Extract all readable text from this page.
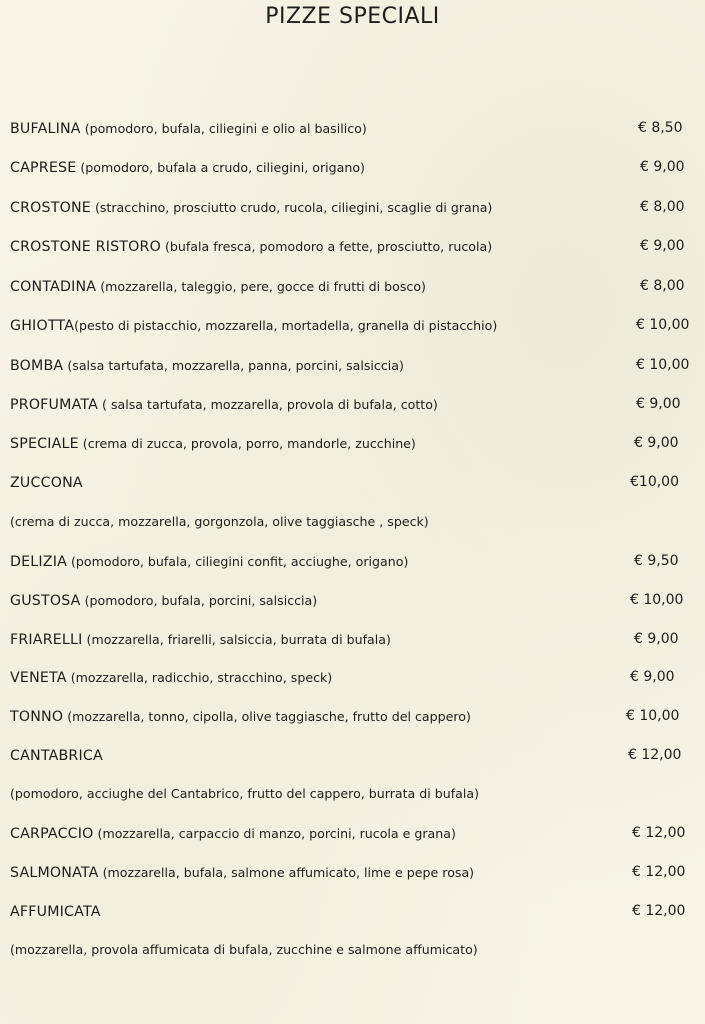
PIZZE SPECIALI
BUFALINA (pomodoro, bufala, ciliegini e olio al basilico)	€ 8,50
CAPRESE (pomodoro, bufala a crudo, ciliegini, origano)	€ 9,00
CROSTONE (stracchino, prosciutto crudo, rucola, ciliegini, scaglie di grana)	€ 8,00
CROSTONE RISTORO (bufala fresca, pomodoro a fette, prosciutto, rucola)	€ 9,00
CONTADINA (mozzarella, taleggio, pere, gocce di frutti di bosco)	€ 8,00
GHIOTTA(pesto di pistacchio, mozzarella, mortadella, granella di pistacchio)	€ 10,00
BOMBA (salsa tartufata, mozzarella, panna, porcini, salsiccia)	€ 10,00
PROFUMATA ( salsa tartufata, mozzarella, provola di bufala, cotto)	€ 9,00
SPECIALE (crema di zucca, provola, porro, mandorle, zucchine)	€ 9,00
ZUCCONA	€10,00
(crema di zucca, mozzarella, gorgonzola, olive taggiasche , speck)
DELIZIA (pomodoro, bufala, ciliegini confit, acciughe, origano)	€ 9,50
GUSTOSA (pomodoro, bufala, porcini, salsiccia)	€ 10,00
FRIARELLI (mozzarella, friarelli, salsiccia, burrata di bufala)	€ 9,00
VENETA (mozzarella, radicchio, stracchino, speck)	€ 9,00
TONNO (mozzarella, tonno, cipolla, olive taggiasche, frutto del cappero)	€ 10,00
CANTABRICA	€ 12,00
(pomodoro, acciughe del Cantabrico, frutto del cappero, burrata di bufala)
CARPACCIO (mozzarella, carpaccio di manzo, porcini, rucola e grana)	€ 12,00
SALMONATA (mozzarella, bufala, salmone affumicato, lime e pepe rosa)	€ 12,00
AFFUMICATA	€ 12,00
(mozzarella, provola affumicata di bufala, zucchine e salmone affumicato)
